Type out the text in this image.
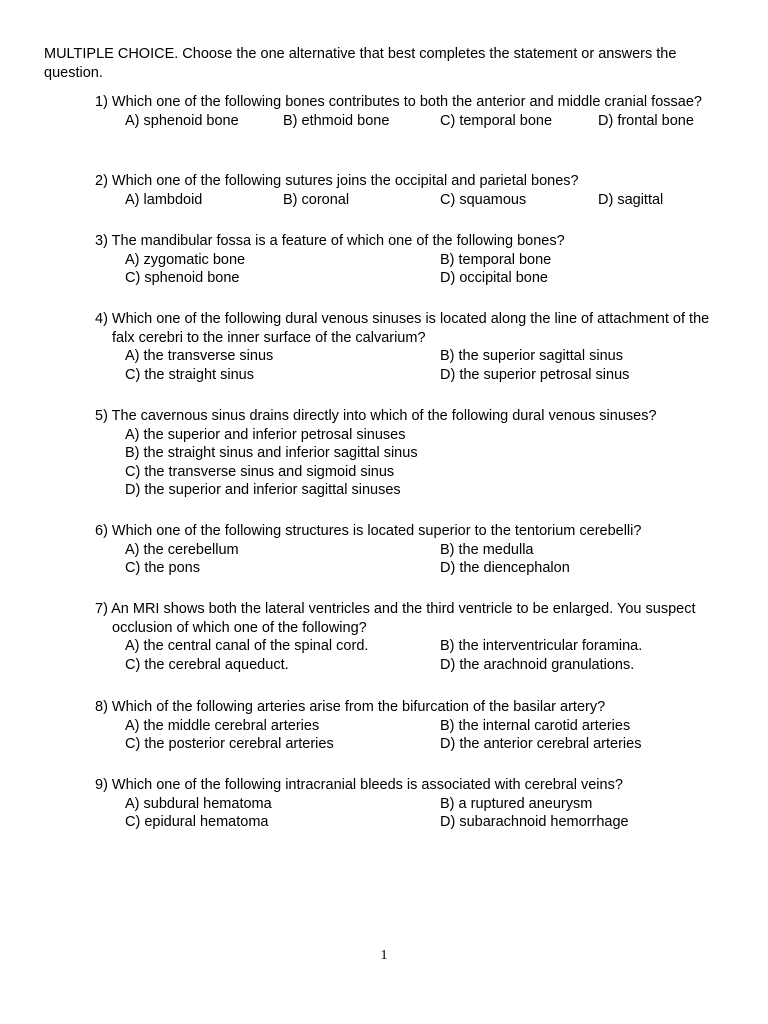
MULTIPLE CHOICE. Choose the one alternative that best completes the statement or answers the question.

1) Which one of the following bones contributes to both the anterior and middle cranial fossae?

A) sphenoid bone	B) ethmoid bone	C) temporal bone	D) frontal bone

2) Which one of the following sutures joins the occipital and parietal bones?

A) lambdoid	B) coronal	C) squamous	D) sagittal

3) The mandibular fossa is a feature of which one of the following bones?

A) zygomatic bone	B) temporal bone
C) sphenoid bone	D) occipital bone

4) Which one of the following dural venous sinuses is located along the line of attachment of the falx cerebri to the inner surface of the calvarium?

A) the transverse sinus	B) the superior sagittal sinus
C) the straight sinus	D) the superior petrosal sinus

5) The cavernous sinus drains directly into which of the following dural venous sinuses?

A) the superior and inferior petrosal sinuses
B) the straight sinus and inferior sagittal sinus
C) the transverse sinus and sigmoid sinus
D) the superior and inferior sagittal sinuses

6) Which one of the following structures is located superior to the tentorium cerebelli?

A) the cerebellum	B) the medulla
C) the pons	D) the diencephalon

7) An MRI shows both the lateral ventricles and the third ventricle to be enlarged. You suspect occlusion of which one of the following?

A) the central canal of the spinal cord.	B) the interventricular foramina.
C) the cerebral aqueduct.	D) the arachnoid granulations.

8) Which of the following arteries arise from the bifurcation of the basilar artery?

A) the middle cerebral arteries	B) the internal carotid arteries
C) the posterior cerebral arteries	D) the anterior cerebral arteries

9) Which one of the following intracranial bleeds is associated with cerebral veins?

A) subdural hematoma	B) a ruptured aneurysm
C) epidural hematoma	D) subarachnoid hemorrhage
1
